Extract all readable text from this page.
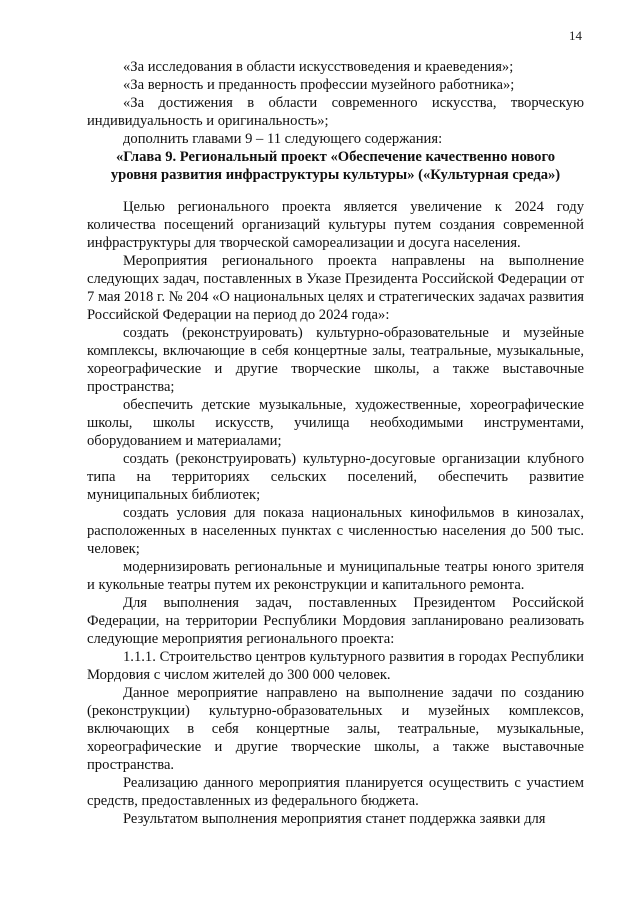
14

«За исследования в области искусствоведения и краеведения»;

«За верность и преданность профессии музейного работника»;

«За достижения в области современного искусства, творческую индивидуальность и оригинальность»;

дополнить главами 9 – 11 следующего содержания:

«Глава 9. Региональный проект «Обеспечение качественно нового

уровня развития инфраструктуры культуры» («Культурная среда»)

Целью регионального проекта является увеличение к 2024 году количества посещений организаций культуры путем создания современной инфраструктуры для творческой самореализации и досуга населения.

Мероприятия регионального проекта направлены на выполнение следующих задач, поставленных в Указе Президента Российской Федерации от 7 мая 2018 г. № 204 «О национальных целях и стратегических задачах развития Российской Федерации на период до 2024 года»:

создать (реконструировать) культурно-образовательные и музейные комплексы, включающие в себя концертные залы, театральные, музыкальные, хореографические и другие творческие школы, а также выставочные пространства;

обеспечить детские музыкальные, художественные, хореографические школы, школы искусств, училища необходимыми инструментами, оборудованием и материалами;

создать (реконструировать) культурно-досуговые организации клубного типа на территориях сельских поселений, обеспечить развитие муниципальных библиотек;

создать условия для показа национальных кинофильмов в кинозалах, расположенных в населенных пунктах с численностью населения до 500 тыс. человек;

модернизировать региональные и муниципальные театры юного зрителя и кукольные театры путем их реконструкции и капитального ремонта.

Для выполнения задач, поставленных Президентом Российской Федерации, на территории Республики Мордовия запланировано реализовать следующие мероприятия регионального проекта:

1.1.1. Строительство центров культурного развития в городах Республики Мордовия с числом жителей до 300 000 человек.

Данное мероприятие направлено на выполнение задачи по созданию (реконструкции) культурно-образовательных и музейных комплексов, включающих в себя концертные залы, театральные, музыкальные, хореографические и другие творческие школы, а также выставочные пространства.

Реализацию данного мероприятия планируется осуществить с участием средств, предоставленных из федерального бюджета.

Результатом выполнения мероприятия станет поддержка заявки для
